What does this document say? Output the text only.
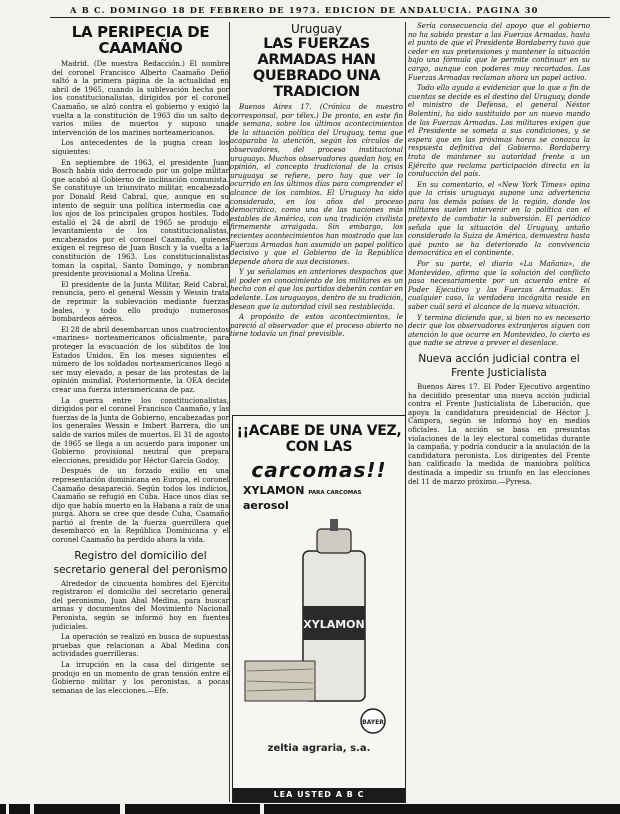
A B C. DOMINGO 18 DE FEBRERO DE 1973. EDICION DE ANDALUCIA. PAGINA 30
LA PERIPECIA DE CAAMAÑO

Madrid. (De nuestra Redacción.) El nombre del coronel Francisco Alberto Caamaño Deñó saltó a la primera página de la actualidad en abril de 1965, cuando la sublevación hecha por los constitucionalistas, dirigidos por el coronel Caamaño, se alzó contra el gobierno y exigió la vuelta a la constitución de 1963 dio un salto de varios miles de muertos y supuso una intervención de los marines norteamericanos.

Los antecedentes de la pugna crean los siguientes:

En septiembre de 1963, el presidente Juan Bosch había sido derrocado por un golpe militar que acabó al Gobierno de inclinación comunista. Se constituye un triunvirato militar, encabezado por Donald Reid Cabral, que, aunque en su intento de seguir una política intermedia cae a los ojos de los principales grupos hostiles. Todo estalló el 24 de abril de 1965 se produjo el levantamiento de los constitucionalistas, encabezados por el coronel Caamaño, quienes exigen el regreso de Juan Bosch y la vuelta a la constitución de 1963. Los constitucionalistas toman la capital, Santo Domingo, y nombran presidente provisional a Molina Ureña.

El presidente de la Junta Militar, Reid Cabral, renuncia, pero el general Wessin y Wessin trata de reprimir la sublevación mediante fuerzas leales, y todo ello produjo numerosos bombardeos aéreos.

El 28 de abril desembarcan unos cuatrocientos «marines» norteamericanos oficialmente, para proteger la evacuación de los súbditos de los Estados Unidos. En los meses siguientes el número de los soldados norteamericanos llegó a ser muy elevado, a pesar de las protestas de la opinión mundial. Posteriormente, la OEA decide crear una fuerza interamericana de paz.

La guerra entre los constitucionalistas, dirigidos por el coronel Francisco Caamaño, y las fuerzas de la Junta de Gobierno, encabezadas por los generales Wessin e Imbert Barrera, dio un saldo de varios miles de muertos. El 31 de agosto de 1965 se llega a un acuerdo para imponer un Gobierno provisional neutral que prepara elecciones, presidido por Héctor García Godoy.

Después de un forzado exilio en una representación dominicana en Europa, el coronel Caamaño desapareció. Según todos los indicios, Caamaño se refugió en Cuba. Hace unos días se dijo que había muerto en la Habana a raíz de una purga. Ahora se cree que desde Cuba, Caamaño partió al frente de la fuerza guerrillera que desembarcó en la República Dominicana y el coronel Caamaño ha perdido ahora la vida.

Registro del domicilio del secretario general del peronismo

Alrededor de cincuenta hombres del Ejército registraron el domicilio del secretario general del peronismo, Juan Abal Medina, para buscar armas y documentos del Movimiento Nacional Peronista, según se informó hoy en fuentes judiciales.

La operación se realizó en busca de supuestas pruebas que relacionan a Abal Medina con actividades guerrilleras.

La irrupción en la casa del dirigente se produjo en un momento de gran tensión entre el Gobierno militar y los peronistas, a pocas semanas de las elecciones.—Efe.

Uruguay
LAS FUERZAS ARMADAS HAN QUEBRADO UNA TRADICION

Buenos Aires 17. (Crónica de nuestro corresponsal, por télex.) De pronto, en este fin de semana, sobre los últimos acontecimientos de la situación política del Uruguay, tema que acaparaba la atención, según los círculos de observadores, del proceso institucional uruguayo. Muchos observadores quedan hoy, en opinión, el concepto tradicional de la crisis uruguaya se refiere, pero hay que ver lo ocurrido en los últimos días para comprender el alcance de los cambios. El Uruguay ha sido considerado, en los años del proceso democrático, como una de las naciones más estables de América, con una tradición civilista firmemente arraigada. Sin embargo, los recientes acontecimientos han mostrado que las Fuerzas Armadas han asumido un papel político decisivo y que el Gobierno de la República depende ahora de sus decisiones.

Y ya señalamos en anteriores despachos que el poder en conocimiento de los militares es un hecho con el que los partidos deberán contar en adelante. Los uruguayos, dentro de su tradición, desean que la autoridad civil sea restablecida.

A propósito de estos acontecimientos, le pareció al observador que el proceso abierto no tiene todavía un final previsible.

¡¡ACABE DE UNA VEZ, CON LAS
carcomas!!
XYLAMON PARA CARCOMAS
aerosol
XYLAMON
BAYER
zeltia agraria, s.a.
LEA USTED A B C

Sería consecuencia del apoyo que el gobierno no ha sabido prestar a las Fuerzas Armadas, hasta el punto de que el Presidente Bordaberry tuvo que ceder en sus pretensiones y mantener la situación bajo una fórmula que le permite continuar en su cargo, aunque con poderes muy recortados. Las Fuerzas Armadas reclaman ahora un papel activo.

Todo ello ayuda a evidenciar que lo que a fin de cuentas se decide es el destino del Uruguay, donde el ministro de Defensa, el general Néstor Bolentini, ha sido sustituido por un nuevo mando de las Fuerzas Armadas. Los militares exigen que el Presidente se someta a sus condiciones, y se espera que en las próximas horas se conozca la respuesta definitiva del Gobierno. Bordaberry trata de mantener su autoridad frente a un Ejército que reclama participación directa en la conducción del país.

En su comentario, el «New York Times» opina que la crisis uruguaya supone una advertencia para los demás países de la región, donde los militares suelen intervenir en la política con el pretexto de combatir la subversión. El periódico señala que la situación del Uruguay, antaño considerado la Suiza de América, demuestra hasta qué punto se ha deteriorado la convivencia democrática en el continente.

Por su parte, el diario «La Mañana», de Montevideo, afirma que la solución del conflicto pasa necesariamente por un acuerdo entre el Poder Ejecutivo y las Fuerzas Armadas. En cualquier caso, la verdadera incógnita reside en saber cuál será el alcance de la nueva situación.

Y termina diciendo que, si bien no es necesario decir que los observadores extranjeros siguen con atención lo que ocurre en Montevideo, lo cierto es que nadie se atreve a prever el desenlace.

Nueva acción judicial contra el Frente Justicialista

Buenos Aires 17. El Poder Ejecutivo argentino ha decidido presentar una nueva acción judicial contra el Frente Justicialista de Liberación, que apoya la candidatura presidencial de Héctor J. Cámpora, según se informó hoy en medios oficiales. La acción se basa en presuntas violaciones de la ley electoral cometidas durante la campaña, y podría conducir a la anulación de la candidatura peronista. Los dirigentes del Frente han calificado la medida de maniobra política destinada a impedir su triunfo en las elecciones del 11 de marzo próximo.—Pyresa.
